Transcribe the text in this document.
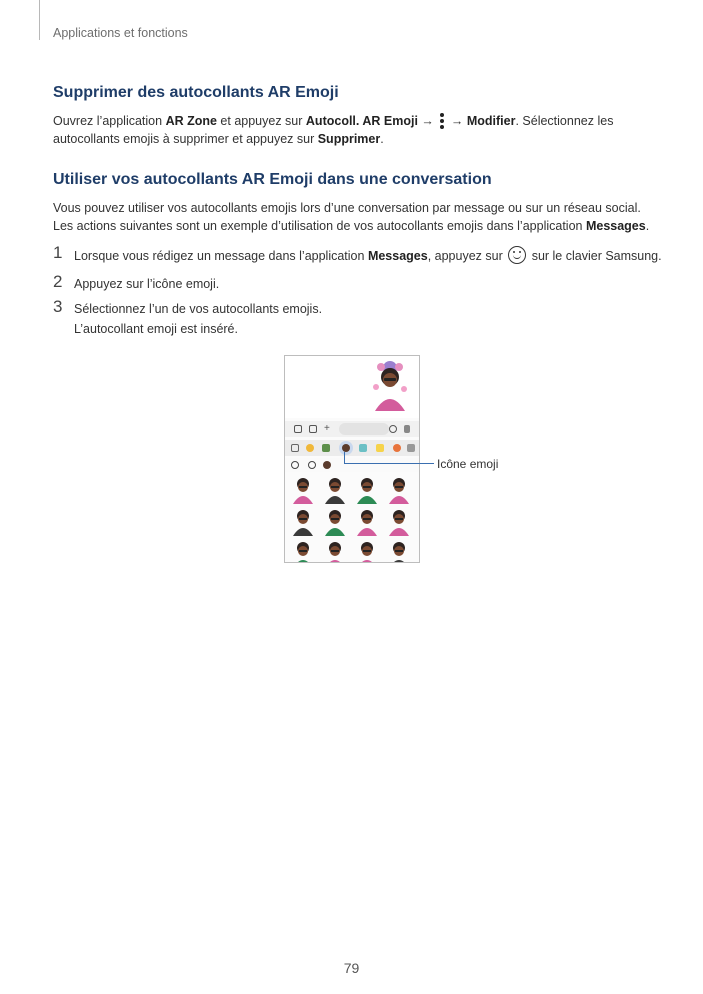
Applications et fonctions
Supprimer des autocollants AR Emoji

Ouvrez l’application AR Zone et appuyez sur Autocoll. AR Emoji →
→ Modifier. Sélectionnez les autocollants emojis à supprimer et appuyez sur Supprimer.

Utiliser vos autocollants AR Emoji dans une conversation

Vous pouvez utiliser vos autocollants emojis lors d’une conversation par message ou sur un réseau social. Les actions suivantes sont un exemple d’utilisation de vos autocollants emojis dans l’application Messages.

1 Lorsque vous rédigez un message dans l’application Messages, appuyez sur
sur le clavier Samsung.
2 Appuyez sur l’icône emoji.
3 Sélectionnez l’un de vos autocollants emojis.
L’autocollant emoji est inséré.
+
Icône emoji
79
